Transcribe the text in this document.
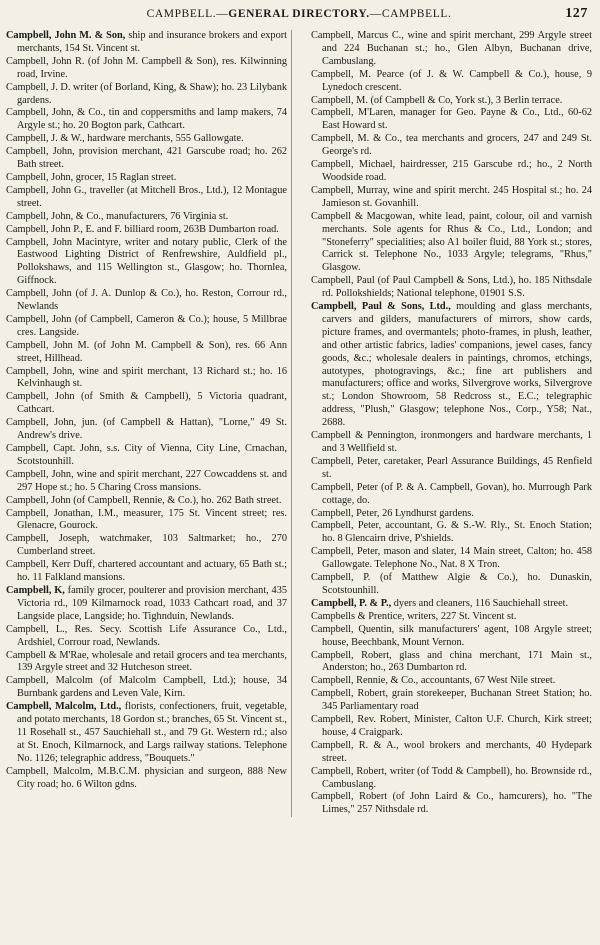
CAMPBELL.—GENERAL DIRECTORY.—CAMPBELL.	127
Campbell, John M. & Son, ship and insurance brokers and export merchants, 154 St. Vincent st.
Campbell, John R. (of John M. Campbell & Son), res. Kilwinning road, Irvine.
Campbell, J. D. writer (of Borland, King, & Shaw); ho. 23 Lilybank gardens.
Campbell, John, & Co., tin and coppersmiths and lamp makers, 74 Argyle st.; ho. 20 Bogton park, Cathcart.
Campbell, J. & W., hardware merchants, 555 Gallowgate.
Campbell, John, provision merchant, 421 Garscube road; ho. 262 Bath street.
Campbell, John, grocer, 15 Raglan street.
Campbell, John G., traveller (at Mitchell Bros., Ltd.), 12 Montague street.
Campbell, John, & Co., manufacturers, 76 Virginia st.
Campbell, John P., E. and F. billiard room, 263B Dumbarton road.
Campbell, John Macintyre, writer and notary public, Clerk of the Eastwood Lighting District of Renfrewshire, Auldfield pl., Pollokshaws, and 115 Wellington st., Glasgow; ho. Thornlea, Giffnock.
Campbell, John (of J. A. Dunlop & Co.), ho. Reston, Corrour rd., Newlands
Campbell, John (of Campbell, Cameron & Co.); house, 5 Millbrae cres. Langside.
Campbell, John M. (of John M. Campbell & Son), res. 66 Ann street, Hillhead.
Campbell, John, wine and spirit merchant, 13 Richard st.; ho. 16 Kelvinhaugh st.
Campbell, John (of Smith & Campbell), 5 Victoria quadrant, Cathcart.
Campbell, John, jun. (of Campbell & Hattan), "Lorne," 49 St. Andrew's drive.
Campbell, Capt. John, s.s. City of Vienna, City Line, Crnachan, Scotstounhill.
Campbell, John, wine and spirit merchant, 227 Cowcaddens st. and 297 Hope st.; ho. 5 Charing Cross mansions.
Campbell, John (of Campbell, Rennie, & Co.), ho. 262 Bath street.
Campbell, Jonathan, I.M., measurer, 175 St. Vincent street; res. Glenacre, Gourock.
Campbell, Joseph, watchmaker, 103 Saltmarket; ho., 270 Cumberland street.
Campbell, Kerr Duff, chartered accountant and actuary, 65 Bath st.; ho. 11 Falkland mansions.
Campbell, K, family grocer, poulterer and provision merchant, 435 Victoria rd., 109 Kilmarnock road, 1033 Cathcart road, and 37 Langside place, Langside; ho. Tighnduin, Newlands.
Campbell, L., Res. Secy. Scottish Life Assurance Co., Ltd., Ardshiel, Corrour road, Newlands.
Campbell & M'Rae, wholesale and retail grocers and tea merchants, 139 Argyle street and 32 Hutcheson street.
Campbell, Malcolm (of Malcolm Campbell, Ltd.); house, 34 Burnbank gardens and Leven Vale, Kirn.
Campbell, Malcolm, Ltd., florists, confectioners, fruit, vegetable, and potato merchants, 18 Gordon st.; branches, 65 St. Vincent st., 11 Rosehall st., 457 Sauchiehall st., and 79 Gt. Western rd.; also at St. Enoch, Kilmarnock, and Largs railway stations. Telephone No. 1126; telegraphic address, "Bouquets."
Campbell, Malcolm, M.B.C.M. physician and surgeon, 888 New City road; ho. 6 Wilton gdns.
Campbell, Marcus C., wine and spirit merchant, 299 Argyle street and 224 Buchanan st.; ho., Glen Albyn, Buchanan drive, Cambuslang.
Campbell, M. Pearce (of J. & W. Campbell & Co.), house, 9 Lynedoch crescent.
Campbell, M. (of Campbell & Co, York st.), 3 Berlin terrace.
Campbell, M'Laren, manager for Geo. Payne & Co., Ltd., 60-62 East Howard st.
Campbell, M. & Co., tea merchants and grocers, 247 and 249 St. George's rd.
Campbell, Michael, hairdresser, 215 Garscube rd.; ho., 2 North Woodside road.
Campbell, Murray, wine and spirit mercht. 245 Hospital st.; ho. 24 Jamieson st. Govanhill.
Campbell & Macgowan, white lead, paint, colour, oil and varnish merchants. Sole agents for Rhus & Co., Ltd., London; and "Stoneferry" specialities; also A1 boiler fluid, 88 York st.; stores, Carrick st. Telephone No., 1033 Argyle; telegrams, "Rhus," Glasgow.
Campbell, Paul (of Paul Campbell & Sons, Ltd.), ho. 185 Nithsdale rd. Pollokshields; National telephone, 01901 S.S.
Campbell, Paul & Sons, Ltd., moulding and glass merchants, carvers and gilders, manufacturers of mirrors, show cards, picture frames, and overmantels; photo-frames, in plush, leather, and other artistic fabrics, ladies' companions, jewel cases, fancy goods, &c.; wholesale dealers in paintings, chromos, etchings, autotypes, photogravings, &c.; fine art publishers and manufacturers; office and works, Silvergrove works, Silvergrove st.; London Showroom, 58 Redcross st., E.C.; telegraphic address, "Plush," Glasgow; telephone Nos., Corp., Y58; Nat., 2688.
Campbell & Pennington, ironmongers and hardware merchants, 1 and 3 Wellfield st.
Campbell, Peter, caretaker, Pearl Assurance Buildings, 45 Renfield st.
Campbell, Peter (of P. & A. Campbell, Govan), ho. Murrough Park cottage, do.
Campbell, Peter, 26 Lyndhurst gardens.
Campbell, Peter, accountant, G. & S.-W. Rly., St. Enoch Station; ho. 8 Glencairn drive, P'shields.
Campbell, Peter, mason and slater, 14 Main street, Calton; ho. 458 Gallowgate. Telephone No., Nat. 8 X Tron.
Campbell, P. (of Matthew Algie & Co.), ho. Dunaskin, Scotstounhill.
Campbell, P. & P., dyers and cleaners, 116 Sauchiehall street.
Campbells & Prentice, writers, 227 St. Vincent st.
Campbell, Quentin, silk manufacturers' agent, 108 Argyle street; house, Beechbank, Mount Vernon.
Campbell, Robert, glass and china merchant, 171 Main st., Anderston; ho., 263 Dumbarton rd.
Campbell, Rennie, & Co., accountants, 67 West Nile street.
Campbell, Robert, grain storekeeper, Buchanan Street Station; ho. 345 Parliamentary road
Campbell, Rev. Robert, Minister, Calton U.F. Church, Kirk street; house, 4 Craigpark.
Campbell, R. & A., wool brokers and merchants, 40 Hydepark street.
Campbell, Robert, writer (of Todd & Campbell), ho. Brownside rd., Cambuslang.
Campbell, Robert (of John Laird & Co., hamcurers), ho. "The Limes," 257 Nithsdale rd.
